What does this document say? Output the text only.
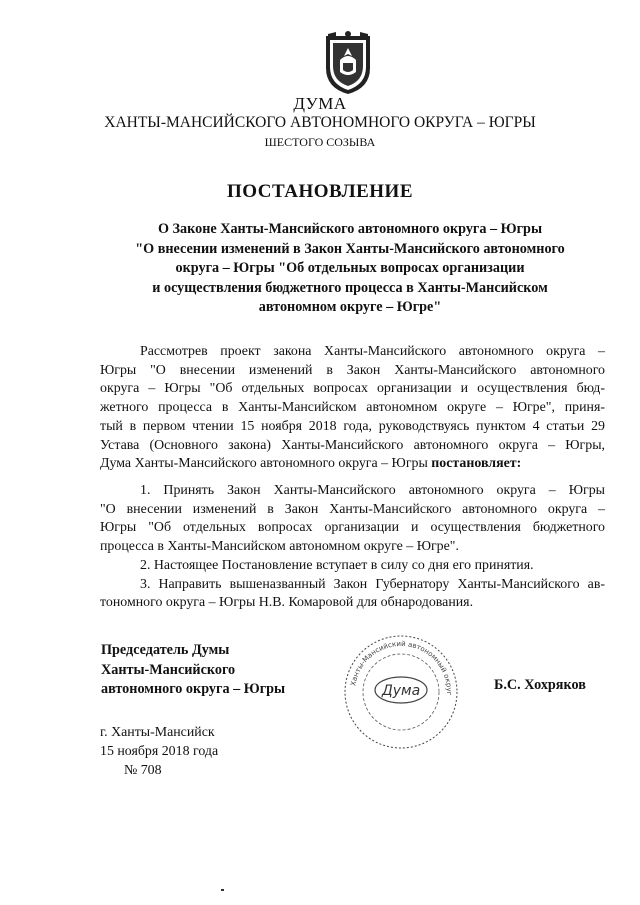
ДУМА
ХАНТЫ-МАНСИЙСКОГО АВТОНОМНОГО ОКРУГА – ЮГРЫ
ШЕСТОГО СОЗЫВА
ПОСТАНОВЛЕНИЕ
О Законе Ханты-Мансийского автономного округа – Югры
"О внесении изменений в Закон Ханты-Мансийского автономного
округа – Югры "Об отдельных вопросах организации
и осуществления бюджетного процесса в Ханты-Мансийском
автономном округе – Югре"
Рассмотрев проект закона Ханты-Мансийского автономного округа –
Югры "О внесении изменений в Закон Ханты-Мансийского автономного
округа – Югры "Об отдельных вопросах организации и осуществления бюд-
жетного процесса в Ханты-Мансийском автономном округе – Югре", приня-
тый в первом чтении 15 ноября 2018 года, руководствуясь пунктом 4 статьи 29
Устава (Основного закона) Ханты-Мансийского автономного округа – Югры,
Дума Ханты-Мансийского автономного округа – Югры постановляет:
1. Принять Закон Ханты-Мансийского автономного округа – Югры
"О внесении изменений в Закон Ханты-Мансийского автономного округа –
Югры "Об отдельных вопросах организации и осуществления бюджетного
процесса в Ханты-Мансийском автономном округе – Югре".
2. Настоящее Постановление вступает в силу со дня его принятия.
3. Направить вышеназванный Закон Губернатору Ханты-Мансийского ав-
тономного округа – Югры Н.В. Комаровой для обнародования.
Председатель Думы
Ханты-Мансийского
автономного округа – Югры	Ханты-Мансийский автономный округ
Дума	Б.С. Хохряков
г. Ханты-Мансийск
15 ноября 2018 года
№ 708
